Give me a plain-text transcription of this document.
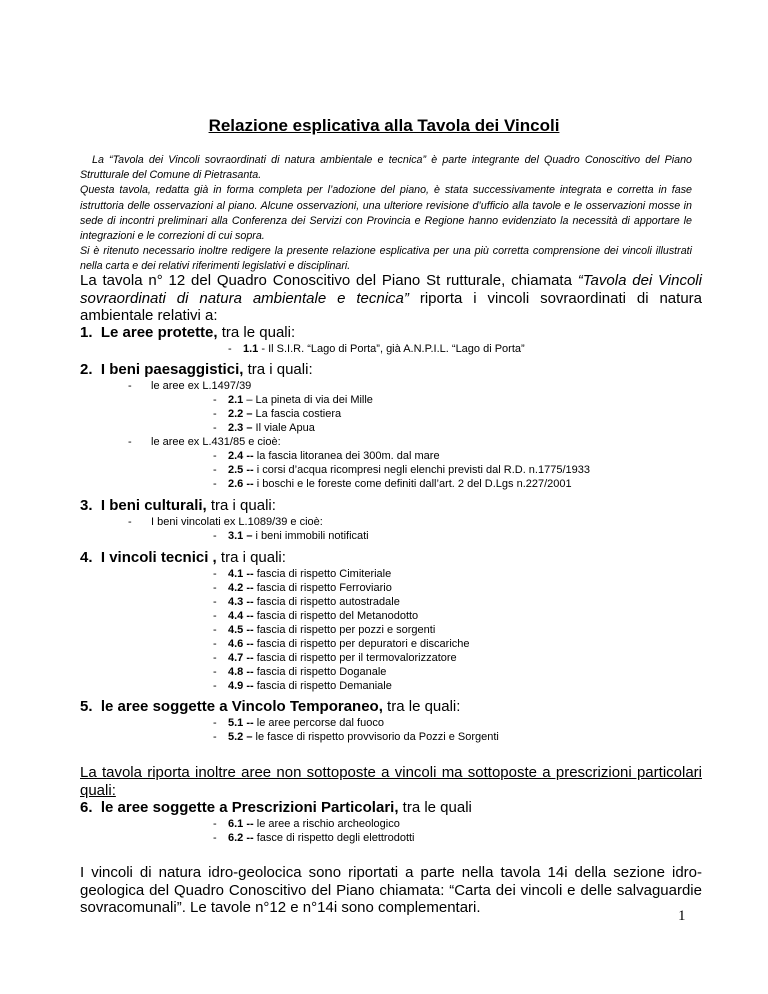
Relazione esplicativa alla Tavola dei Vincoli

La “Tavola dei Vincoli sovraordinati di natura ambientale e tecnica” è parte integrante del Quadro Conoscitivo del Piano Strutturale del Comune di Pietrasanta.

Questa tavola, redatta già in forma completa per l’adozione del piano, è stata successivamente integrata e corretta in fase istruttoria delle osservazioni al piano. Alcune osservazioni, una ulteriore revisione d’ufficio alla tavole e le osservazioni mosse in sede di incontri preliminari alla Conferenza dei Servizi con Provincia e Regione hanno evidenziato la necessità di apportare le integrazioni e le correzioni di cui sopra.

Si è ritenuto necessario inoltre redigere la presente relazione esplicativa per una più corretta comprensione dei vincoli illustrati nella carta e dei relativi riferimenti legislativi e disciplinari.

La tavola n° 12 del Quadro Conoscitivo del Piano St rutturale, chiamata “Tavola dei Vincoli sovraordinati di natura ambientale e tecnica” riporta i vincoli sovraordinati di natura ambientale relativi a:
1. Le aree protette, tra le quali:
- 1.1 - Il S.I.R. “Lago di Porta”, già A.N.P.I.L. “Lago di Porta”
2. I beni paesaggistici, tra i quali:
- le aree ex L.1497/39
- 2.1 – La pineta di via dei Mille
- 2.2 – La fascia costiera
- 2.3 – Il viale Apua
- le aree ex L.431/85 e cioè:
- 2.4 -- la fascia litoranea dei 300m. dal mare
- 2.5 -- i corsi d’acqua ricompresi negli elenchi previsti dal R.D. n.1775/1933
- 2.6 -- i boschi e le foreste come definiti dall’art. 2 del D.Lgs n.227/2001
3. I beni culturali, tra i quali:
- I beni vincolati ex L.1089/39 e cioè:
- 3.1 – i beni immobili notificati
4. I vincoli tecnici , tra i quali:
- 4.1 -- fascia di rispetto Cimiteriale
- 4.2 -- fascia di rispetto Ferroviario
- 4.3 -- fascia di rispetto autostradale
- 4.4 -- fascia di rispetto del Metanodotto
- 4.5 -- fascia di rispetto per pozzi e sorgenti
- 4.6 -- fascia di rispetto per depuratori e discariche
- 4.7 -- fascia di rispetto per il termovalorizzatore
- 4.8 -- fascia di rispetto Doganale
- 4.9 -- fascia di rispetto Demaniale
5. le aree soggette a Vincolo Temporaneo, tra le quali:
- 5.1 -- le aree percorse dal fuoco
- 5.2 – le fasce di rispetto provvisorio da Pozzi e Sorgenti
La tavola riporta inoltre aree non sottoposte a vincoli ma sottoposte a prescrizioni particolari quali:
6. le aree soggette a Prescrizioni Particolari, tra le quali
- 6.1 -- le aree a rischio archeologico
- 6.2 -- fasce di rispetto degli elettrodotti
I vincoli di natura idro-geolocica sono riportati a parte nella tavola 14i della sezione idro-geologica del Quadro Conoscitivo del Piano chiamata: “Carta dei vincoli e delle salvaguardie sovracomunali”. Le tavole n°12 e n°14i sono complementari.	1
